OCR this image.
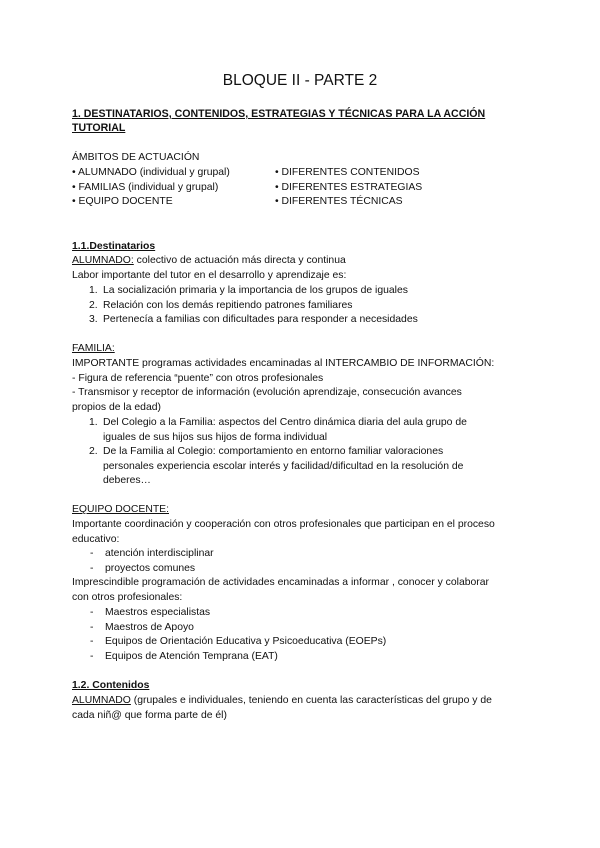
BLOQUE II - PARTE 2
1. DESTINATARIOS, CONTENIDOS, ESTRATEGIAS Y TÉCNICAS PARA LA ACCIÓN
TUTORIAL
ÁMBITOS DE ACTUACIÓN
• ALUMNADO (individual y grupal)
• FAMILIAS (individual y grupal)
• EQUIPO DOCENTE
• DIFERENTES CONTENIDOS
• DIFERENTES ESTRATEGIAS
• DIFERENTES TÉCNICAS
1.1.Destinatarios
ALUMNADO: colectivo de actuación más directa y continua
Labor importante del tutor en el desarrollo y aprendizaje es:
1. La socialización primaria y la importancia de los grupos de iguales
2. Relación con los demás repitiendo patrones familiares
3. Pertenecía a familias con dificultades para responder a necesidades
FAMILIA:
IMPORTANTE programas actividades encaminadas al INTERCAMBIO DE INFORMACIÓN:
- Figura de referencia “puente” con otros profesionales
- Transmisor y receptor de información (evolución aprendizaje, consecución avances
propios de la edad)
1. Del Colegio a la Familia: aspectos del Centro dinámica diaria del aula grupo de
iguales de sus hijos sus hijos de forma individual
2. De la Familia al Colegio: comportamiento en entorno familiar valoraciones
personales experiencia escolar interés y facilidad/dificultad en la resolución de
deberes…
EQUIPO DOCENTE:
Importante coordinación y cooperación con otros profesionales que participan en el proceso
educativo:
- atención interdisciplinar
- proyectos comunes
Imprescindible programación de actividades encaminadas a informar , conocer y colaborar
con otros profesionales:
- Maestros especialistas
- Maestros de Apoyo
- Equipos de Orientación Educativa y Psicoeducativa (EOEPs)
- Equipos de Atención Temprana (EAT)
1.2. Contenidos
ALUMNADO (grupales e individuales, teniendo en cuenta las características del grupo y de
cada niñ@ que forma parte de él)
